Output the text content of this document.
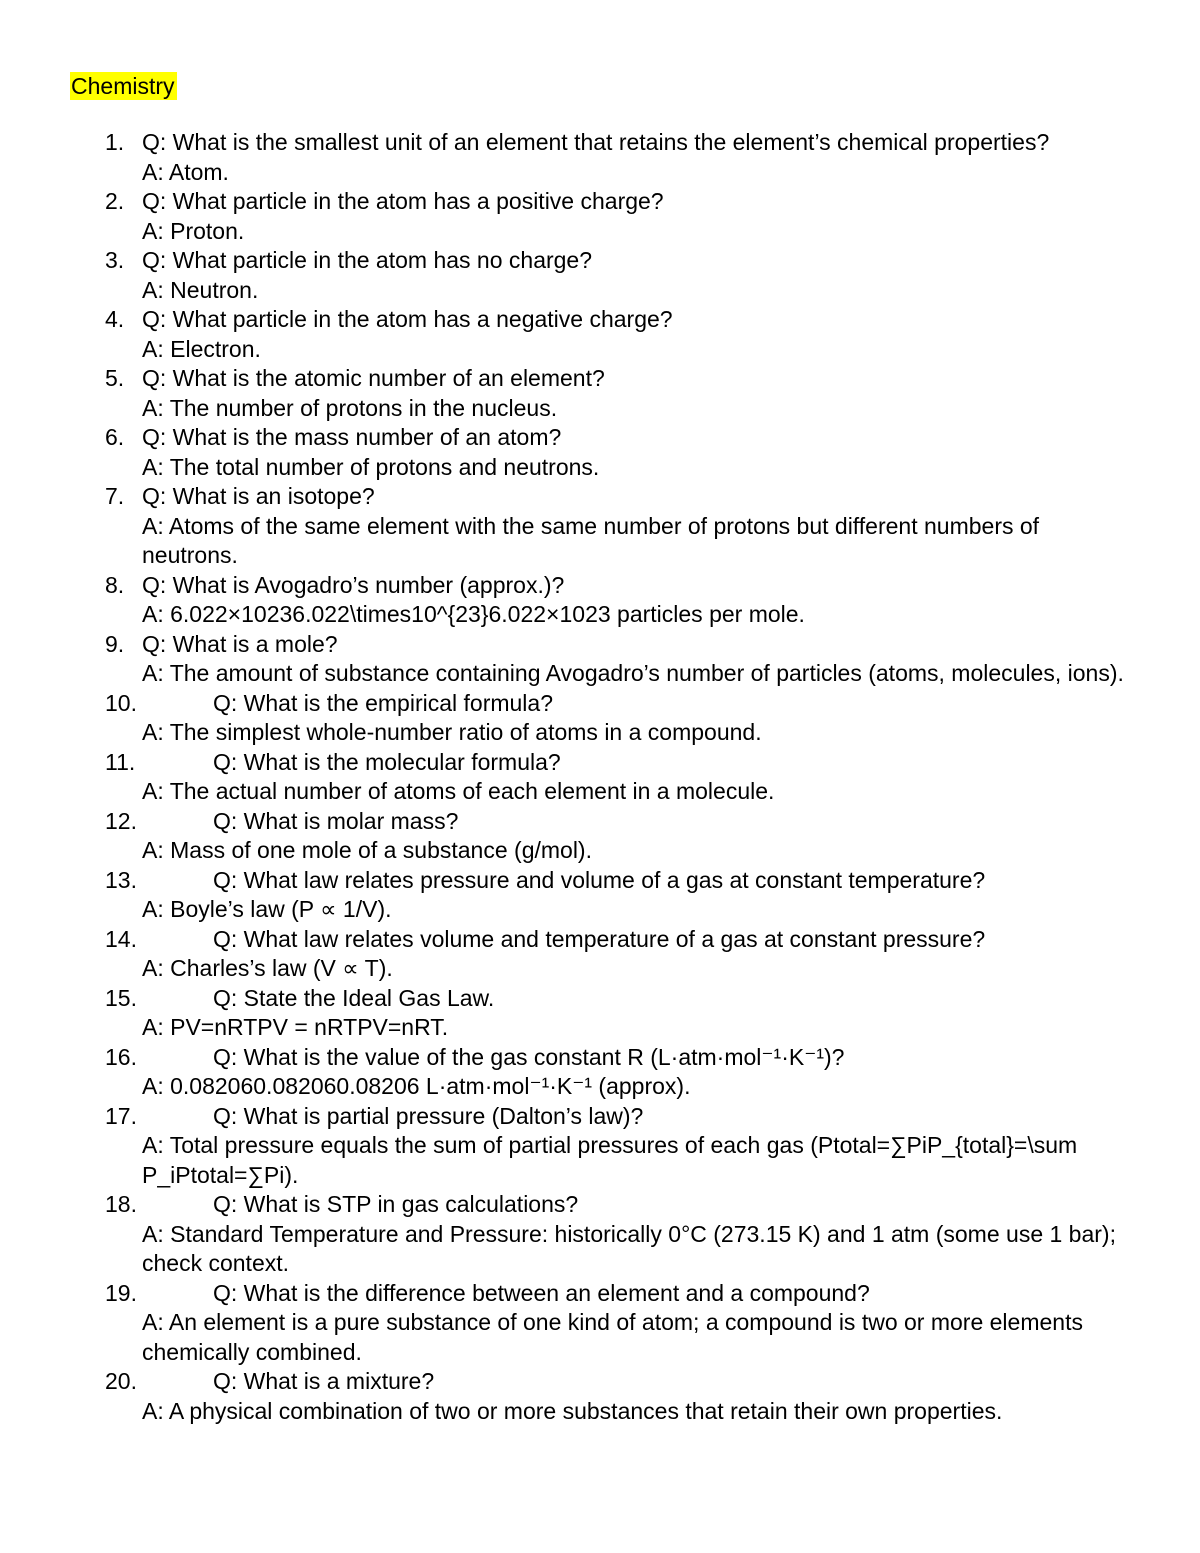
Chemistry
1. Q: What is the smallest unit of an element that retains the element’s chemical properties?
A: Atom.
2. Q: What particle in the atom has a positive charge?
A: Proton.
3. Q: What particle in the atom has no charge?
A: Neutron.
4. Q: What particle in the atom has a negative charge?
A: Electron.
5. Q: What is the atomic number of an element?
A: The number of protons in the nucleus.
6. Q: What is the mass number of an atom?
A: The total number of protons and neutrons.
7. Q: What is an isotope?
A: Atoms of the same element with the same number of protons but different numbers of neutrons.
8. Q: What is Avogadro’s number (approx.)?
A: 6.022×10236.022\times10^{23}6.022×1023 particles per mole.
9. Q: What is a mole?
A: The amount of substance containing Avogadro’s number of particles (atoms, molecules, ions).
10.	Q: What is the empirical formula?
A: The simplest whole-number ratio of atoms in a compound.
11.	Q: What is the molecular formula?
A: The actual number of atoms of each element in a molecule.
12.	Q: What is molar mass?
A: Mass of one mole of a substance (g/mol).
13.	Q: What law relates pressure and volume of a gas at constant temperature?
A: Boyle’s law (P ∝ 1/V).
14.	Q: What law relates volume and temperature of a gas at constant pressure?
A: Charles’s law (V ∝ T).
15.	Q: State the Ideal Gas Law.
A: PV=nRTPV = nRTPV=nRT.
16.	Q: What is the value of the gas constant R (L·atm·mol⁻¹·K⁻¹)?
A: 0.082060.082060.08206 L·atm·mol⁻¹·K⁻¹ (approx).
17.	Q: What is partial pressure (Dalton’s law)?
A: Total pressure equals the sum of partial pressures of each gas (Ptotal=∑PiP_{total}=\sum P_iPtotal=∑Pi).
18.	Q: What is STP in gas calculations?
A: Standard Temperature and Pressure: historically 0°C (273.15 K) and 1 atm (some use 1 bar); check context.
19.	Q: What is the difference between an element and a compound?
A: An element is a pure substance of one kind of atom; a compound is two or more elements chemically combined.
20.	Q: What is a mixture?
A: A physical combination of two or more substances that retain their own properties.
